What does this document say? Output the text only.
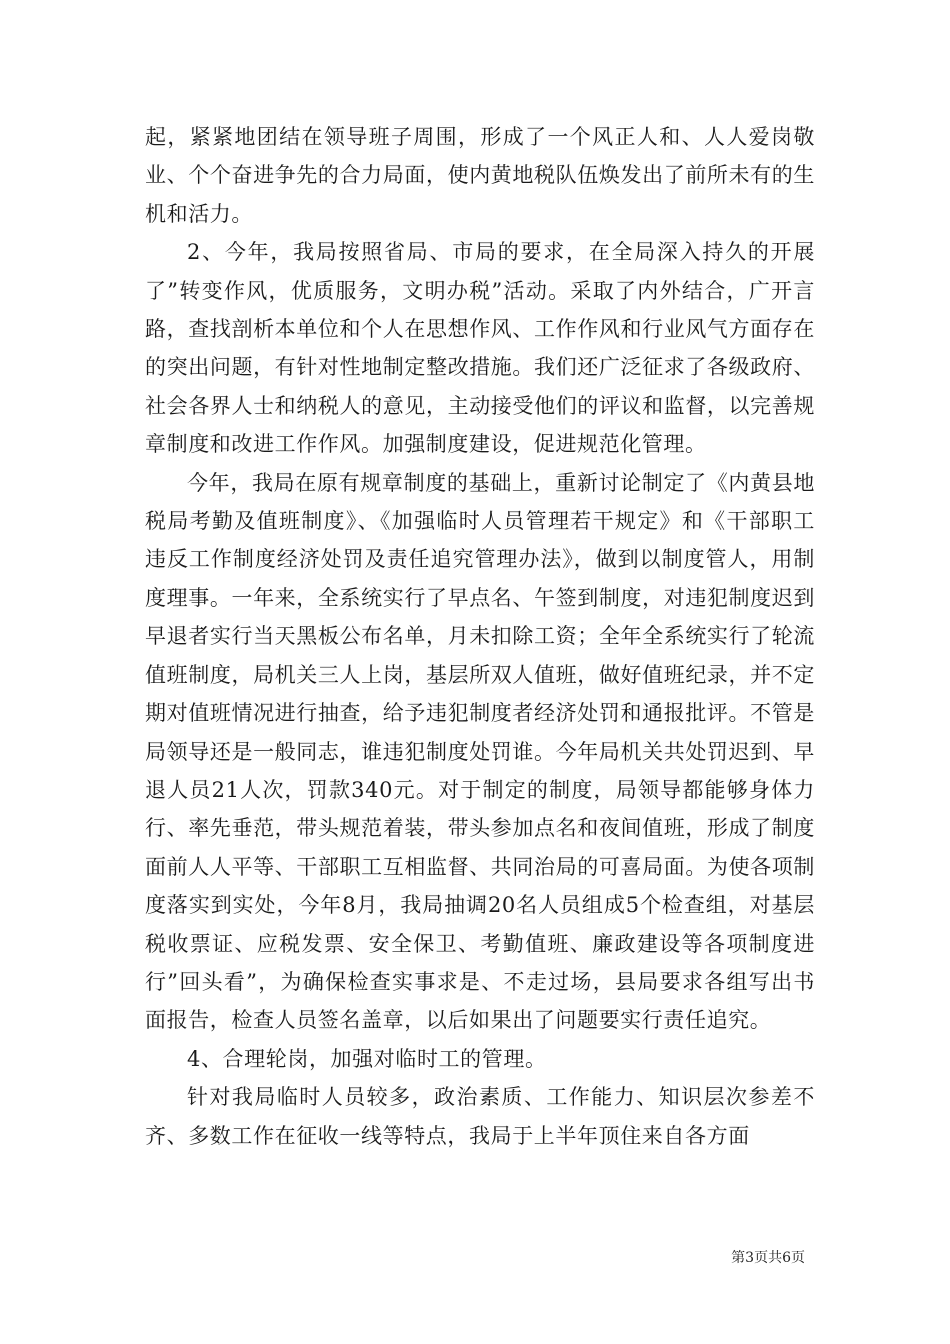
起，紧紧地团结在领导班子周围，形成了一个风正人和、人人爱岗敬业、个个奋进争先的合力局面，使内黄地税队伍焕发出了前所未有的生机和活力。

2、今年，我局按照省局、市局的要求，在全局深入持久的开展了”转变作风，优质服务，文明办税”活动。采取了内外结合，广开言路，查找剖析本单位和个人在思想作风、工作作风和行业风气方面存在的突出问题，有针对性地制定整改措施。我们还广泛征求了各级政府、社会各界人士和纳税人的意见，主动接受他们的评议和监督，以完善规章制度和改进工作作风。加强制度建设，促进规范化管理。

今年，我局在原有规章制度的基础上，重新讨论制定了《内黄县地税局考勤及值班制度》、《加强临时人员管理若干规定》和《干部职工违反工作制度经济处罚及责任追究管理办法》，做到以制度管人，用制度理事。一年来，全系统实行了早点名、午签到制度，对违犯制度迟到早退者实行当天黑板公布名单，月未扣除工资；全年全系统实行了轮流值班制度，局机关三人上岗，基层所双人值班，做好值班纪录，并不定期对值班情况进行抽查，给予违犯制度者经济处罚和通报批评。不管是局领导还是一般同志，谁违犯制度处罚谁。今年局机关共处罚迟到、早退人员21人次，罚款340元。对于制定的制度，局领导都能够身体力行、率先垂范，带头规范着装，带头参加点名和夜间值班，形成了制度面前人人平等、干部职工互相监督、共同治局的可喜局面。为使各项制度落实到实处，今年8月，我局抽调20名人员组成5个检查组，对基层税收票证、应税发票、安全保卫、考勤值班、廉政建设等各项制度进行”回头看”，为确保检查实事求是、不走过场，县局要求各组写出书面报告，检查人员签名盖章，以后如果出了问题要实行责任追究。

4、合理轮岗，加强对临时工的管理。

针对我局临时人员较多，政治素质、工作能力、知识层次参差不齐、多数工作在征收一线等特点，我局于上半年顶住来自各方面

第3页共6页
